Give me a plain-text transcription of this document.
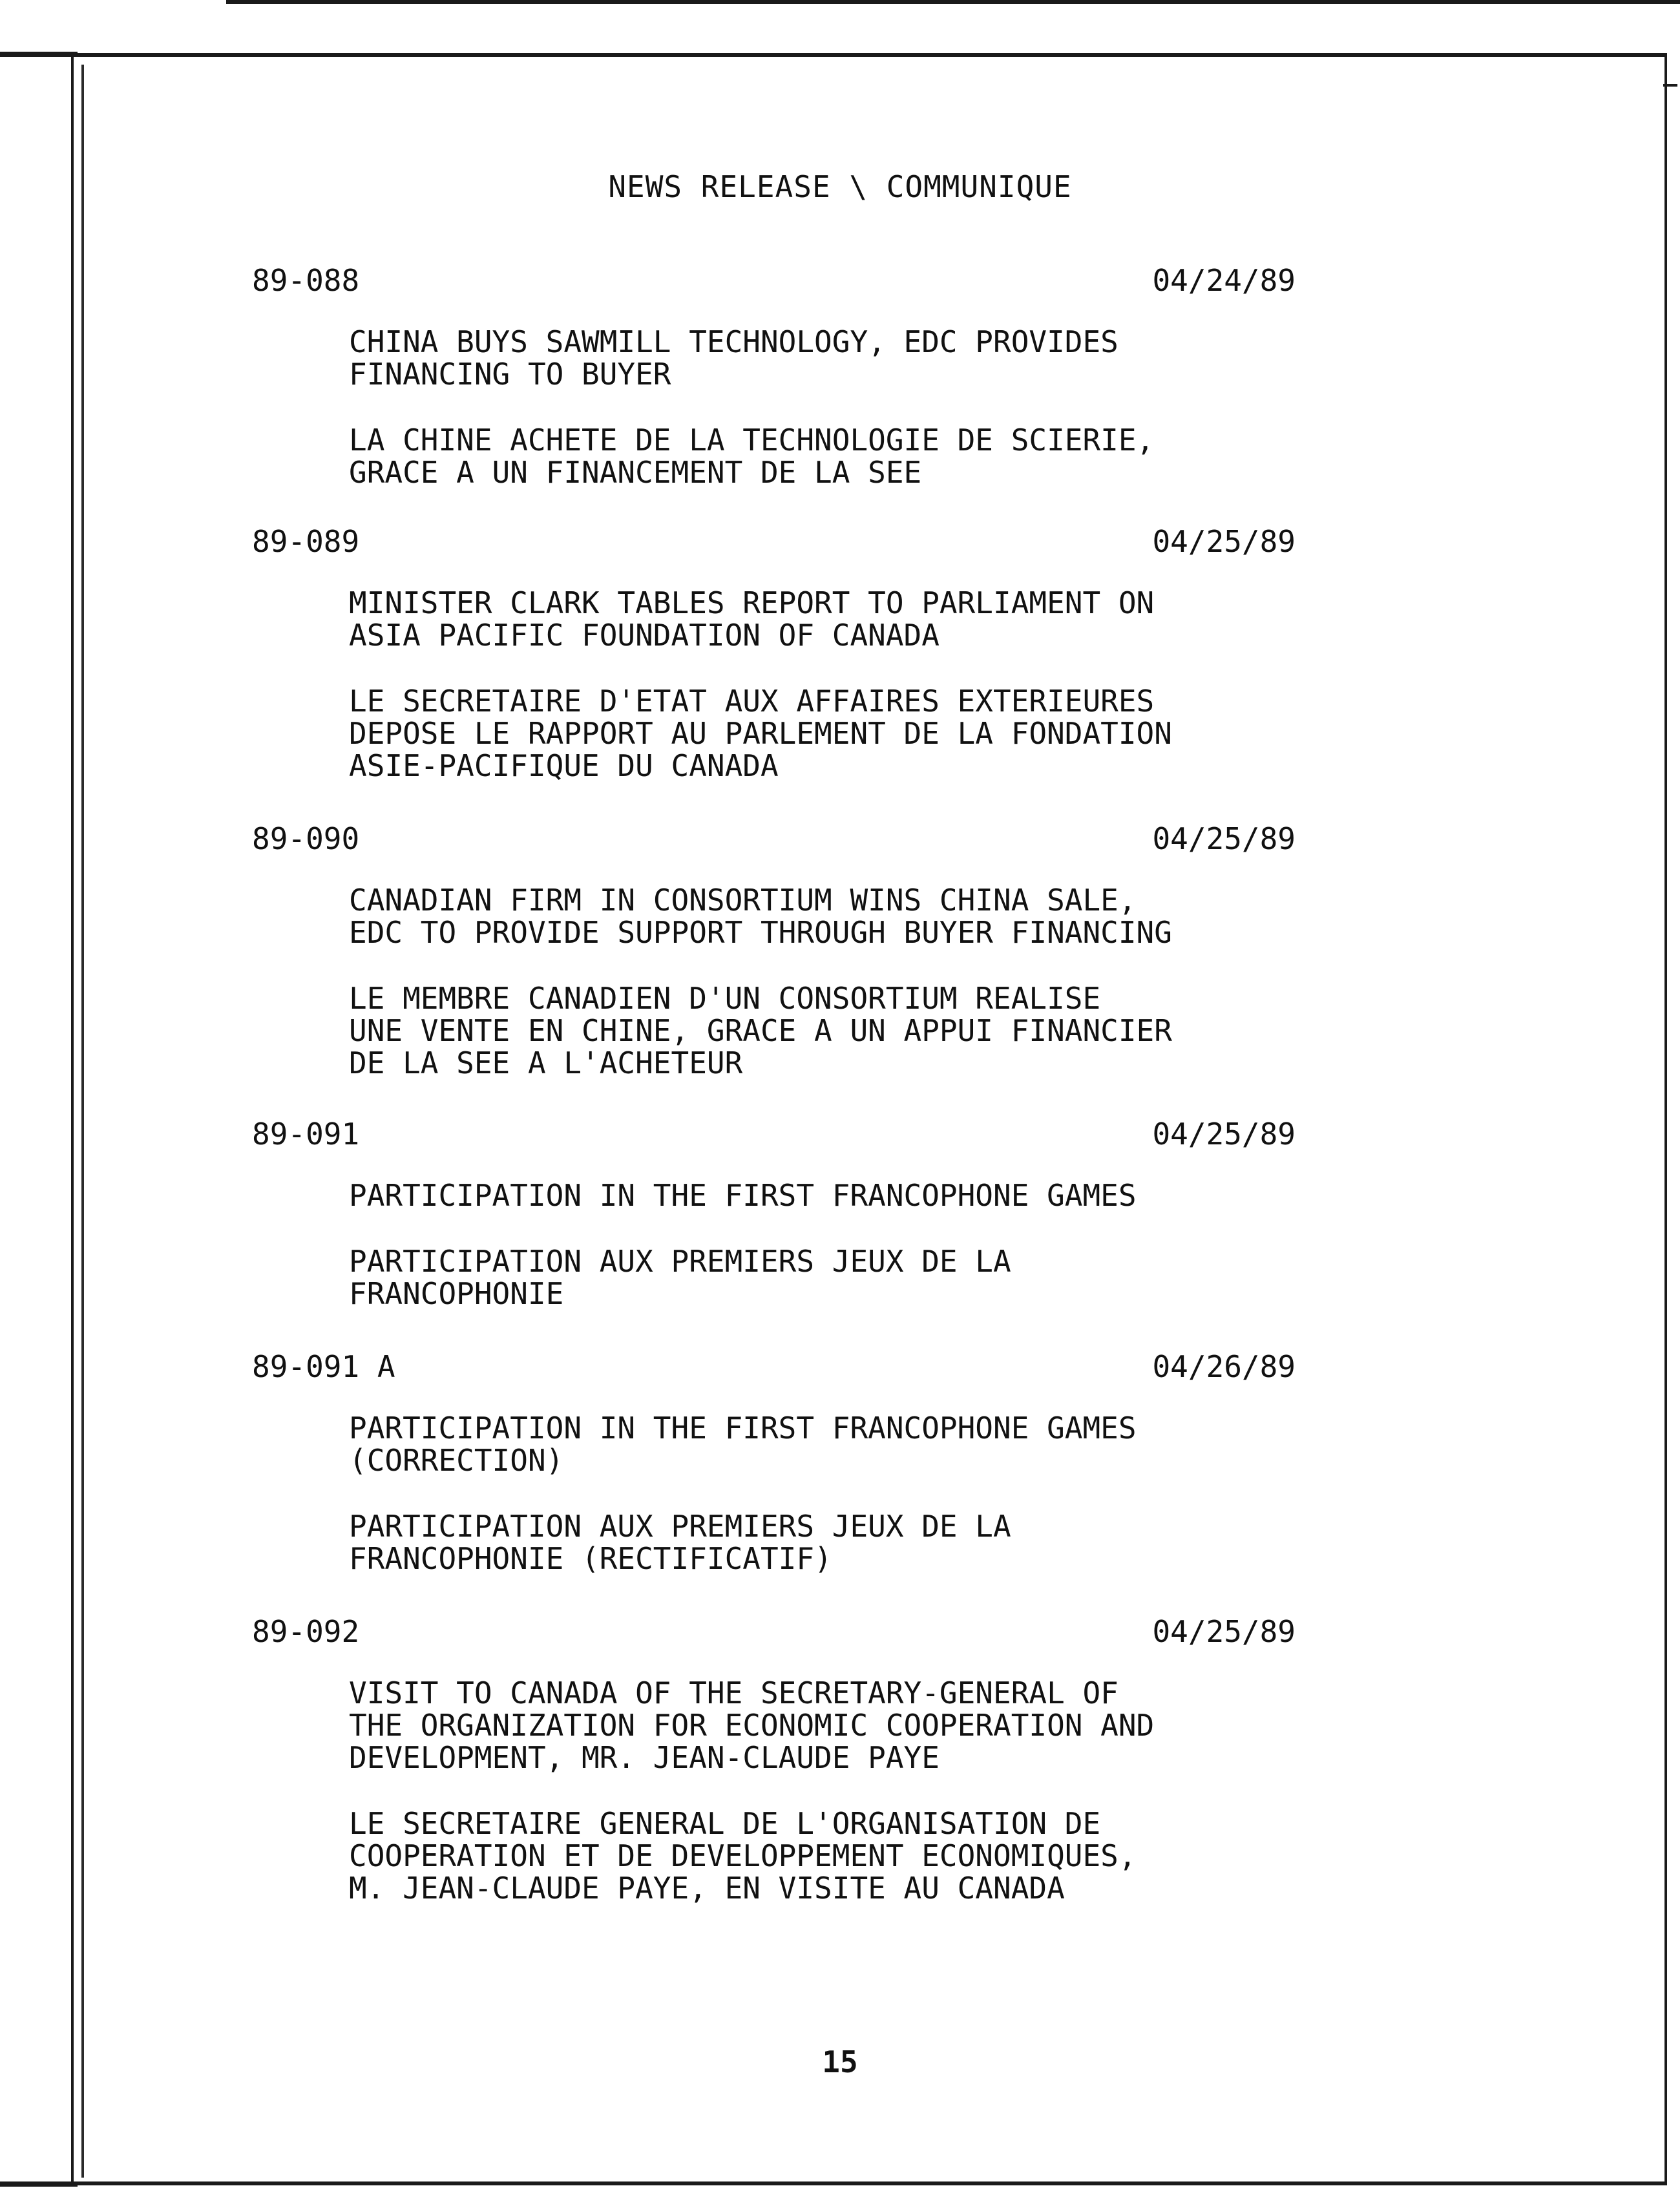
NEWS RELEASE \ COMMUNIQUE
89-088	04/24/89
CHINA BUYS SAWMILL TECHNOLOGY, EDC PROVIDES
FINANCING TO BUYER
LA CHINE ACHETE DE LA TECHNOLOGIE DE SCIERIE,
GRACE A UN FINANCEMENT DE LA SEE
89-089	04/25/89
MINISTER CLARK TABLES REPORT TO PARLIAMENT ON
ASIA PACIFIC FOUNDATION OF CANADA
LE SECRETAIRE D'ETAT AUX AFFAIRES EXTERIEURES
DEPOSE LE RAPPORT AU PARLEMENT DE LA FONDATION
ASIE-PACIFIQUE DU CANADA
89-090	04/25/89
CANADIAN FIRM IN CONSORTIUM WINS CHINA SALE,
EDC TO PROVIDE SUPPORT THROUGH BUYER FINANCING
LE MEMBRE CANADIEN D'UN CONSORTIUM REALISE
UNE VENTE EN CHINE, GRACE A UN APPUI FINANCIER
DE LA SEE A L'ACHETEUR
89-091	04/25/89
PARTICIPATION IN THE FIRST FRANCOPHONE GAMES
PARTICIPATION AUX PREMIERS JEUX DE LA
FRANCOPHONIE
89-091 A	04/26/89
PARTICIPATION IN THE FIRST FRANCOPHONE GAMES
(CORRECTION)
PARTICIPATION AUX PREMIERS JEUX DE LA
FRANCOPHONIE (RECTIFICATIF)
89-092	04/25/89
VISIT TO CANADA OF THE SECRETARY-GENERAL OF
THE ORGANIZATION FOR ECONOMIC COOPERATION AND
DEVELOPMENT, MR. JEAN-CLAUDE PAYE
LE SECRETAIRE GENERAL DE L'ORGANISATION DE
COOPERATION ET DE DEVELOPPEMENT ECONOMIQUES,
M. JEAN-CLAUDE PAYE, EN VISITE AU CANADA
15
